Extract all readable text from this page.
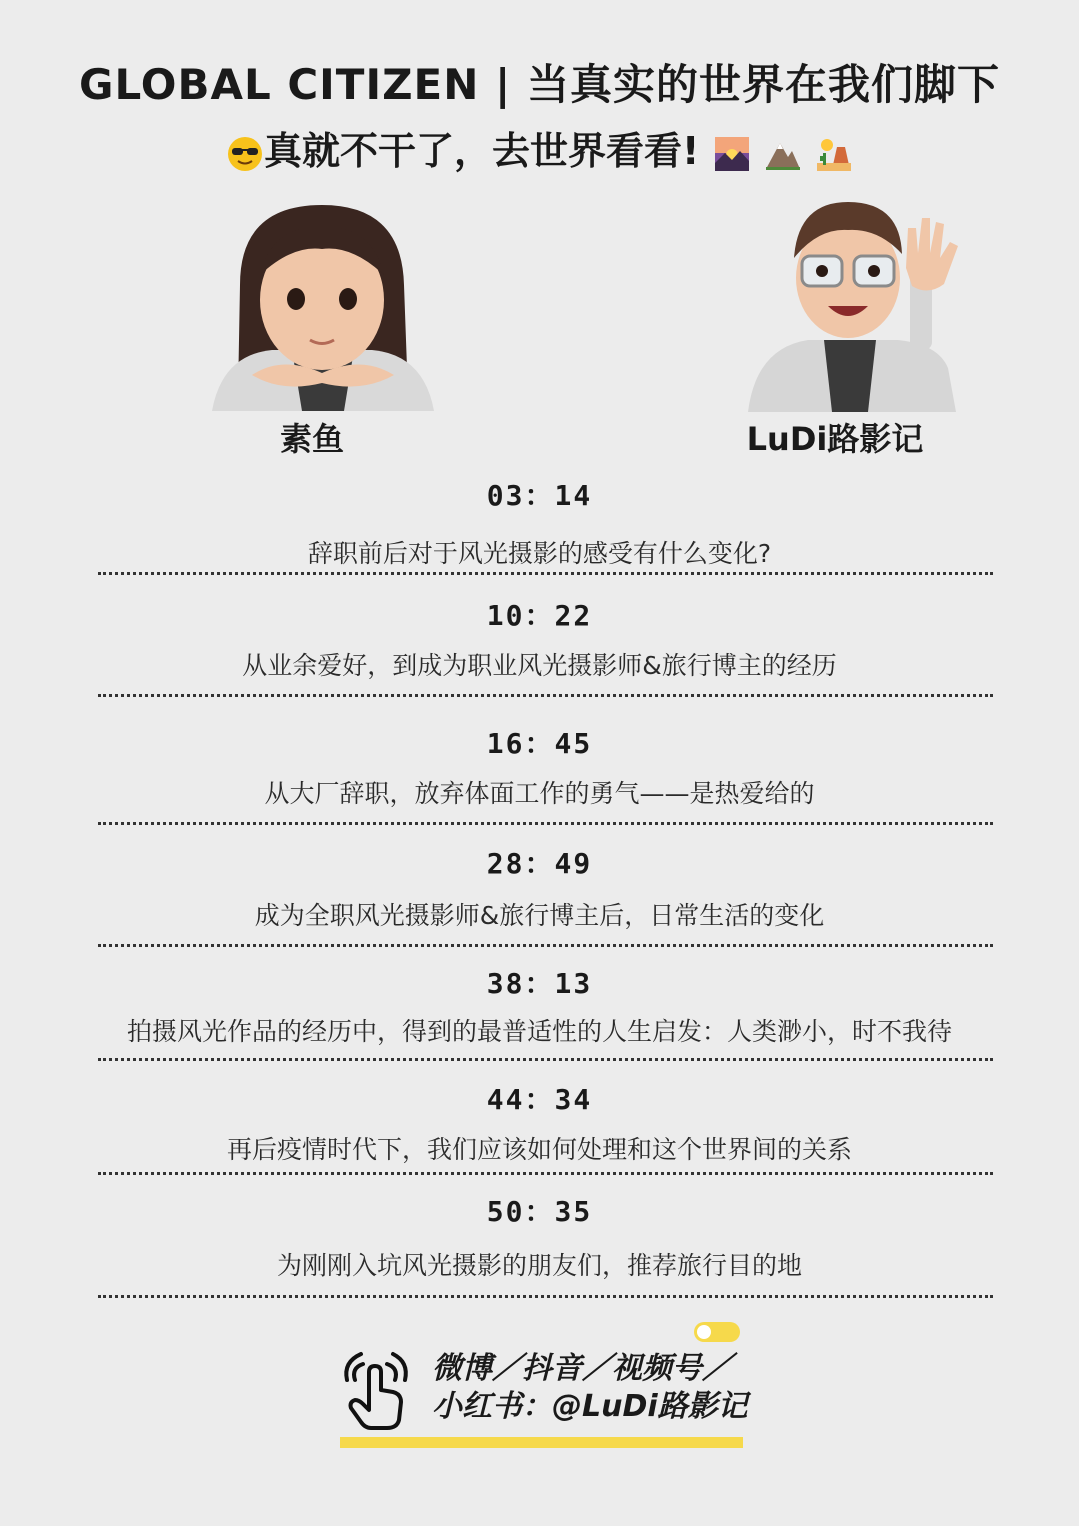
GLOBAL CITIZEN | 当真实的世界在我们脚下
真就不干了，去世界看看!
素鱼	LuDi路影记
03：14
辞职前后对于风光摄影的感受有什么变化?
10：22
从业余爱好，到成为职业风光摄影师&旅行博主的经历
16：45
从大厂辞职，放弃体面工作的勇气——是热爱给的
28：49
成为全职风光摄影师&旅行博主后，日常生活的变化
38：13
拍摄风光作品的经历中，得到的最普适性的人生启发：人类渺小，时不我待
44：34
再后疫情时代下，我们应该如何处理和这个世界间的关系
50：35
为刚刚入坑风光摄影的朋友们，推荐旅行目的地
微博／抖音／视频号／
小红书：@LuDi路影记
